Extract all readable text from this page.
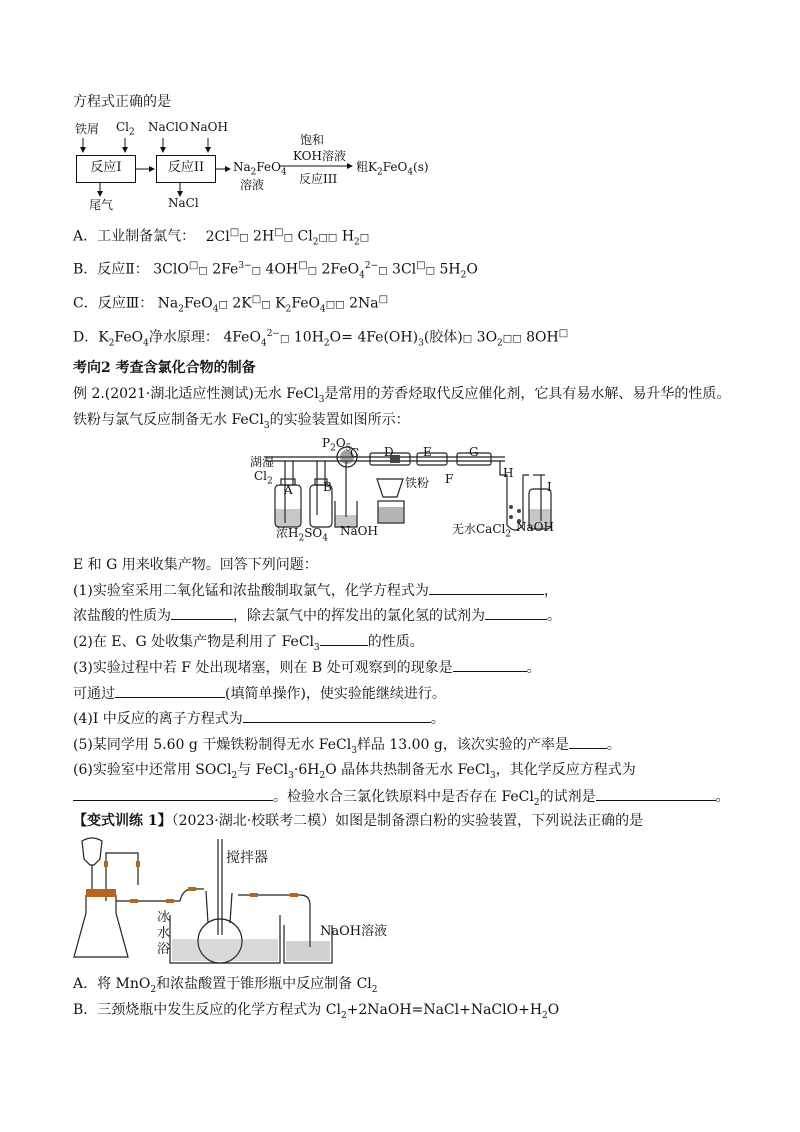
方程式正确的是
铁屑 $Cl_2$ NaClO NaOH
反应I	反应II
尾气	NaCl
$Na_2FeO_4$
溶液
饱和
KOH溶液
反应III
粗$K_2FeO_4(s)$
A．工业制备氯气： 2Cl□□ 2H□□ $Cl_2□□$ $H_2□$
B．反应Ⅱ： 3ClO□□ $2Fe^{3-}□$ 4OH□□ 2FeO$_4^{2-}$□ 3Cl□□ $5H_2O$
C．反应Ⅲ： $Na_2FeO_4□$ 2K□□ $K_2FeO_4□□$ 2Na□
D．$K_2FeO_4$净水原理： 4FeO$_4^{2-}$□ $10H_2O= 4Fe(OH)_3$(胶体)□ $3O_2□□$ 8OH□
考向2 考查含氯化合物的制备
例 2.(2021·湖北适应性测试)无水 FeCl$_3$是常用的芳香烃取代反应催化剂，它具有易水解、易升华的性质。
铁粉与氯气反应制备无水 FeCl$_3$的实验装置如图所示：
湖湿
$Cl_2$
$P_2O_5$
C D E	G
A	B
F	H
I
铁粉
浓$H_2SO_4$
NaOH	无水CaCl$_2$
NaOH
E 和 G 用来收集产物。回答下列问题：
(1)实验室采用二氧化锰和浓盐酸制取氯气，化学方程式为	，
浓盐酸的性质为	，除去氯气中的挥发出的氯化氢的试剂为	。
(2)在 E、G 处收集产物是利用了 FeCl$_3$	的性质。
(3)实验过程中若 F 处出现堵塞，则在 B 处可观察到的现象是	。
可通过	(填简单操作)，使实验能继续进行。
(4)I 中反应的离子方程式为	。
(5)某同学用 5.60 g 干燥铁粉制得无水 FeCl$_3$样品 13.00 g，该次实验的产率是	。
(6)实验室中还常用 SOCl$_2$与 $FeCl_3\cdot 6H_2O$ 晶体共热制备无水 FeCl$_3$，其化学反应方程式为
。检验水合三氯化铁原料中是否存在 FeCl$_2$的试剂是	。
【变式训练 1】（2023·湖北·校联考二模）如图是制备漂白粉的实验装置，下列说法正确的是
搅拌器
冰
水
浴
NaOH溶液
A．将 MnO$_2$和浓盐酸置于锥形瓶中反应制备 $Cl_2$
B．三颈烧瓶中发生反应的化学方程式为 $Cl_2+2NaOH=NaCl+NaClO+H_2O$
